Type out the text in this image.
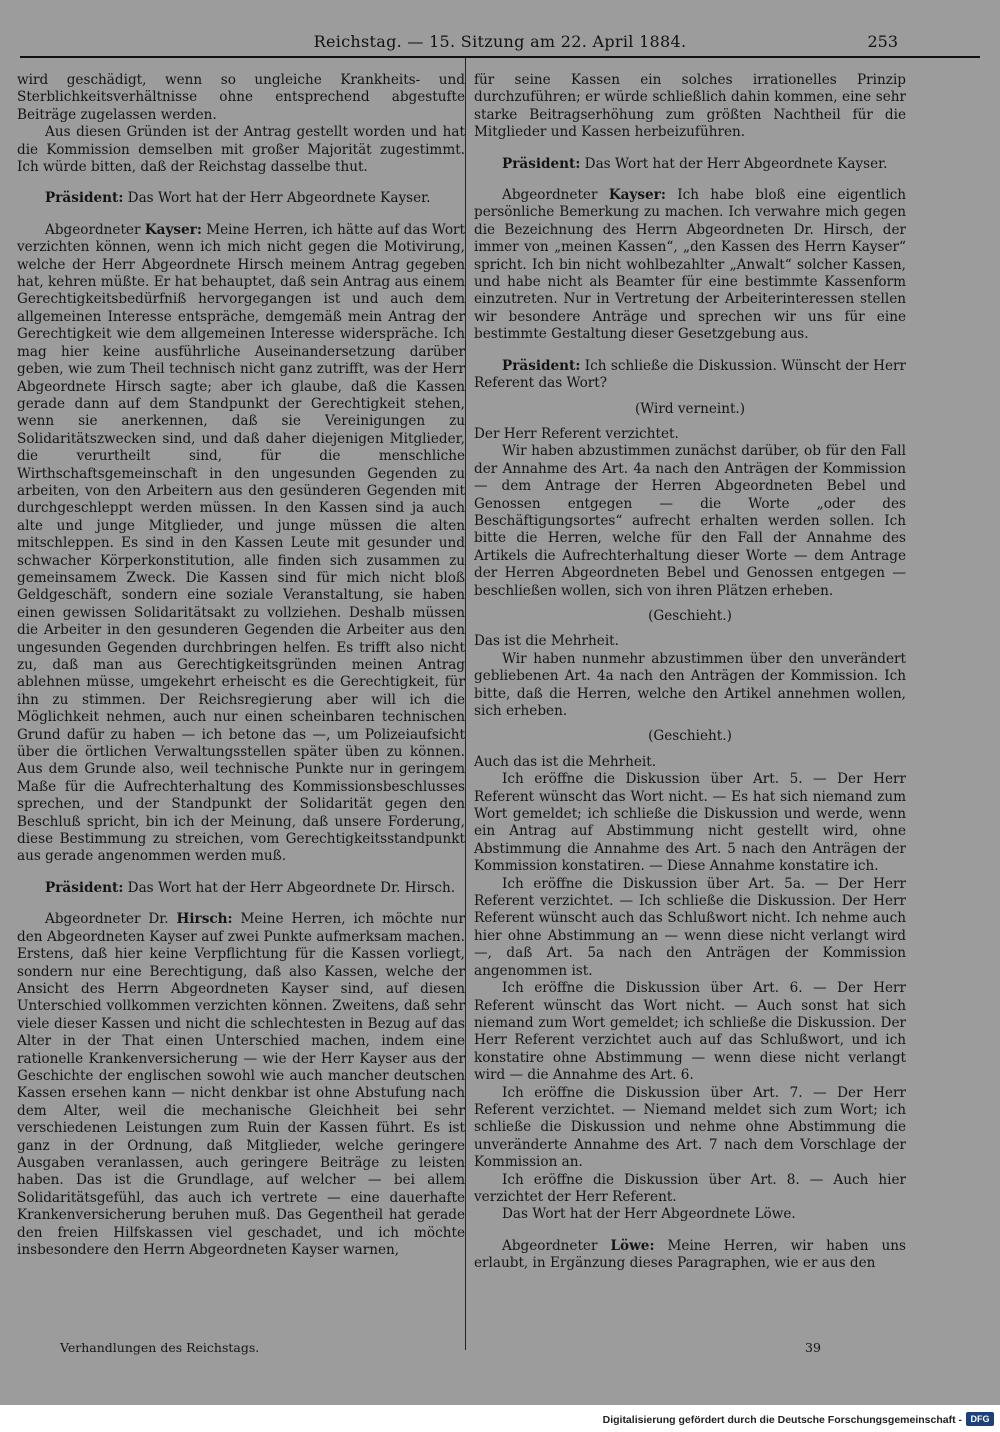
Reichstag. — 15. Sitzung am 22. April 1884.	253

wird geschädigt, wenn so ungleiche Krankheits- und Sterblichkeitsverhältnisse ohne entsprechend abgestufte Beiträge zugelassen werden.

Aus diesen Gründen ist der Antrag gestellt worden und hat die Kommission demselben mit großer Majorität zugestimmt. Ich würde bitten, daß der Reichstag dasselbe thut.

Präsident: Das Wort hat der Herr Abgeordnete Kayser.

Abgeordneter Kayser: Meine Herren, ich hätte auf das Wort verzichten können, wenn ich mich nicht gegen die Motivirung, welche der Herr Abgeordnete Hirsch meinem Antrag gegeben hat, kehren müßte. Er hat behauptet, daß sein Antrag aus einem Gerechtigkeitsbedürfniß hervorgegangen ist und auch dem allgemeinen Interesse entspräche, demgemäß mein Antrag der Gerechtigkeit wie dem allgemeinen Interesse widerspräche. Ich mag hier keine ausführliche Auseinandersetzung darüber geben, wie zum Theil technisch nicht ganz zutrifft, was der Herr Abgeordnete Hirsch sagte; aber ich glaube, daß die Kassen gerade dann auf dem Standpunkt der Gerechtigkeit stehen, wenn sie anerkennen, daß sie Vereinigungen zu Solidaritätszwecken sind, und daß daher diejenigen Mitglieder, die verurtheilt sind, für die menschliche Wirthschaftsgemeinschaft in den ungesunden Gegenden zu arbeiten, von den Arbeitern aus den gesünderen Gegenden mit durchgeschleppt werden müssen. In den Kassen sind ja auch alte und junge Mitglieder, und junge müssen die alten mitschleppen. Es sind in den Kassen Leute mit gesunder und schwacher Körperkonstitution, alle finden sich zusammen zu gemeinsamem Zweck. Die Kassen sind für mich nicht bloß Geldgeschäft, sondern eine soziale Veranstaltung, sie haben einen gewissen Solidaritätsakt zu vollziehen. Deshalb müssen die Arbeiter in den gesunderen Gegenden die Arbeiter aus den ungesunden Gegenden durchbringen helfen. Es trifft also nicht zu, daß man aus Gerechtigkeitsgründen meinen Antrag ablehnen müsse, umgekehrt erheischt es die Gerechtigkeit, für ihn zu stimmen. Der Reichsregierung aber will ich die Möglichkeit nehmen, auch nur einen scheinbaren technischen Grund dafür zu haben — ich betone das —, um Polizeiaufsicht über die örtlichen Verwaltungsstellen später üben zu können. Aus dem Grunde also, weil technische Punkte nur in geringem Maße für die Aufrechterhaltung des Kommissionsbeschlusses sprechen, und der Standpunkt der Solidarität gegen den Beschluß spricht, bin ich der Meinung, daß unsere Forderung, diese Bestimmung zu streichen, vom Gerechtigkeitsstandpunkt aus gerade angenommen werden muß.

Präsident: Das Wort hat der Herr Abgeordnete Dr. Hirsch.

Abgeordneter Dr. Hirsch: Meine Herren, ich möchte nur den Abgeordneten Kayser auf zwei Punkte aufmerksam machen. Erstens, daß hier keine Verpflichtung für die Kassen vorliegt, sondern nur eine Berechtigung, daß also Kassen, welche der Ansicht des Herrn Abgeordneten Kayser sind, auf diesen Unterschied vollkommen verzichten können. Zweitens, daß sehr viele dieser Kassen und nicht die schlechtesten in Bezug auf das Alter in der That einen Unterschied machen, indem eine rationelle Krankenversicherung — wie der Herr Kayser aus der Geschichte der englischen sowohl wie auch mancher deutschen Kassen ersehen kann — nicht denkbar ist ohne Abstufung nach dem Alter, weil die mechanische Gleichheit bei sehr verschiedenen Leistungen zum Ruin der Kassen führt. Es ist ganz in der Ordnung, daß Mitglieder, welche geringere Ausgaben veranlassen, auch geringere Beiträge zu leisten haben. Das ist die Grundlage, auf welcher — bei allem Solidaritätsgefühl, das auch ich vertrete — eine dauerhafte Krankenversicherung beruhen muß. Das Gegentheil hat gerade den freien Hilfskassen viel geschadet, und ich möchte insbesondere den Herrn Abgeordneten Kayser warnen,

für seine Kassen ein solches irrationelles Prinzip durchzuführen; er würde schließlich dahin kommen, eine sehr starke Beitragserhöhung zum größten Nachtheil für die Mitglieder und Kassen herbeizuführen.

Präsident: Das Wort hat der Herr Abgeordnete Kayser.

Abgeordneter Kayser: Ich habe bloß eine eigentlich persönliche Bemerkung zu machen. Ich verwahre mich gegen die Bezeichnung des Herrn Abgeordneten Dr. Hirsch, der immer von „meinen Kassen“, „den Kassen des Herrn Kayser“ spricht. Ich bin nicht wohlbezahlter „Anwalt“ solcher Kassen, und habe nicht als Beamter für eine bestimmte Kassenform einzutreten. Nur in Vertretung der Arbeiterinteressen stellen wir besondere Anträge und sprechen wir uns für eine bestimmte Gestaltung dieser Gesetzgebung aus.

Präsident: Ich schließe die Diskussion. Wünscht der Herr Referent das Wort?

(Wird verneint.)

Der Herr Referent verzichtet.

Wir haben abzustimmen zunächst darüber, ob für den Fall der Annahme des Art. 4a nach den Anträgen der Kommission — dem Antrage der Herren Abgeordneten Bebel und Genossen entgegen — die Worte „oder des Beschäftigungsortes“ aufrecht erhalten werden sollen. Ich bitte die Herren, welche für den Fall der Annahme des Artikels die Aufrechterhaltung dieser Worte — dem Antrage der Herren Abgeordneten Bebel und Genossen entgegen — beschließen wollen, sich von ihren Plätzen erheben.

(Geschieht.)

Das ist die Mehrheit.

Wir haben nunmehr abzustimmen über den unverändert gebliebenen Art. 4a nach den Anträgen der Kommission. Ich bitte, daß die Herren, welche den Artikel annehmen wollen, sich erheben.

(Geschieht.)

Auch das ist die Mehrheit.

Ich eröffne die Diskussion über Art. 5. — Der Herr Referent wünscht das Wort nicht. — Es hat sich niemand zum Wort gemeldet; ich schließe die Diskussion und werde, wenn ein Antrag auf Abstimmung nicht gestellt wird, ohne Abstimmung die Annahme des Art. 5 nach den Anträgen der Kommission konstatiren. — Diese Annahme konstatire ich.

Ich eröffne die Diskussion über Art. 5a. — Der Herr Referent verzichtet. — Ich schließe die Diskussion. Der Herr Referent wünscht auch das Schlußwort nicht. Ich nehme auch hier ohne Abstimmung an — wenn diese nicht verlangt wird —, daß Art. 5a nach den Anträgen der Kommission angenommen ist.

Ich eröffne die Diskussion über Art. 6. — Der Herr Referent wünscht das Wort nicht. — Auch sonst hat sich niemand zum Wort gemeldet; ich schließe die Diskussion. Der Herr Referent verzichtet auch auf das Schlußwort, und ich konstatire ohne Abstimmung — wenn diese nicht verlangt wird — die Annahme des Art. 6.

Ich eröffne die Diskussion über Art. 7. — Der Herr Referent verzichtet. — Niemand meldet sich zum Wort; ich schließe die Diskussion und nehme ohne Abstimmung die unveränderte Annahme des Art. 7 nach dem Vorschlage der Kommission an.

Ich eröffne die Diskussion über Art. 8. — Auch hier verzichtet der Herr Referent.

Das Wort hat der Herr Abgeordnete Löwe.

Abgeordneter Löwe: Meine Herren, wir haben uns erlaubt, in Ergänzung dieses Paragraphen, wie er aus den

Verhandlungen des Reichstags.	39
Digitalisierung gefördert durch die Deutsche Forschungsgemeinschaft - DFG
